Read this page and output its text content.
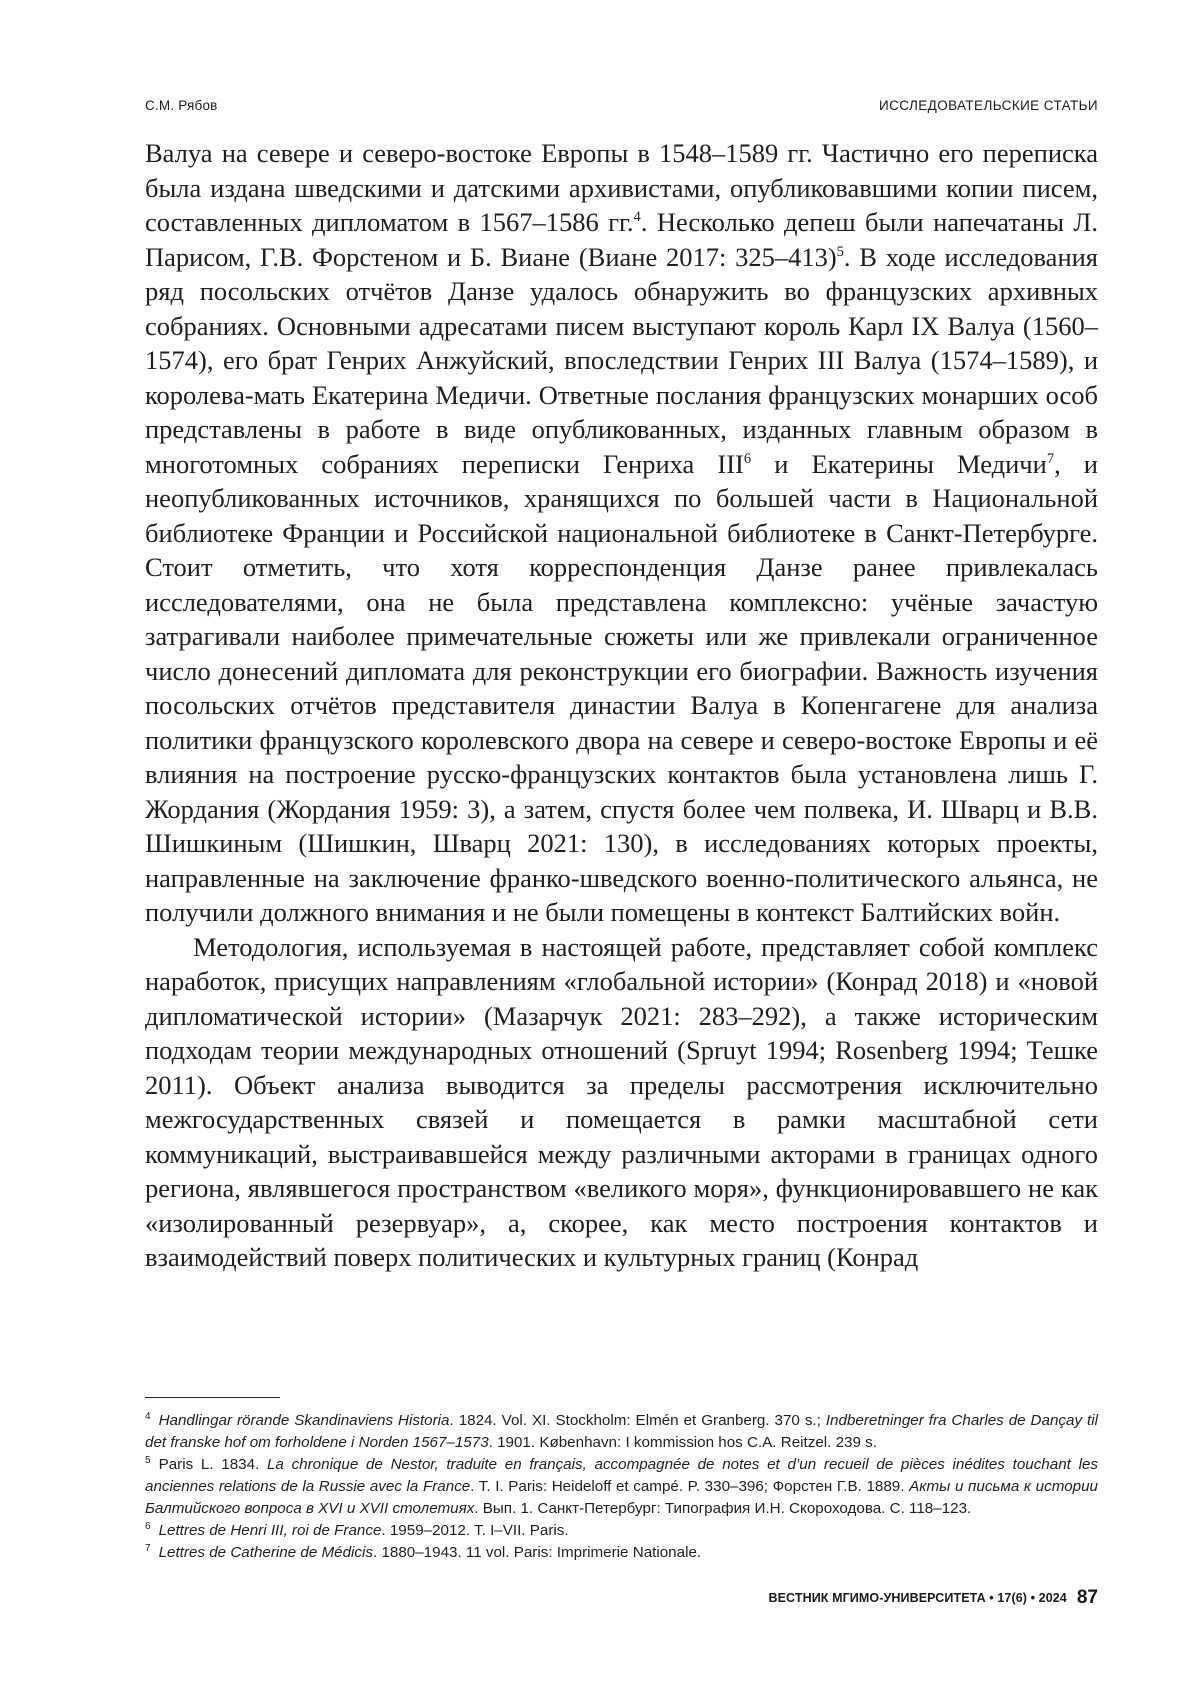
С.М. Рябов	ИССЛЕДОВАТЕЛЬСКИЕ СТАТЬИ

Валуа на севере и северо-востоке Европы в 1548–1589 гг. Частично его переписка была издана шведскими и датскими архивистами, опубликовавшими копии писем, составленных дипломатом в 1567–1586 гг.$^4$. Несколько депеш были напечатаны Л. Парисом, Г.В. Форстеном и Б. Виане (Виане 2017: 325–413)$^5$. В ходе исследования ряд посольских отчётов Данзе удалось обнаружить во французских архивных собраниях. Основными адресатами писем выступают король Карл IX Валуа (1560–1574), его брат Генрих Анжуйский, впоследствии Генрих III Валуа (1574–1589), и королева-мать Екатерина Медичи. Ответные послания французских монарших особ представлены в работе в виде опубликованных, изданных главным образом в многотомных собраниях переписки Генриха III$^6$ и Екатерины Медичи$^7$, и неопубликованных источников, хранящихся по большей части в Национальной библиотеке Франции и Российской национальной библиотеке в Санкт-Петербурге. Стоит отметить, что хотя корреспонденция Данзе ранее привлекалась исследователями, она не была представлена комплексно: учёные зачастую затрагивали наиболее примечательные сюжеты или же привлекали ограниченное число донесений дипломата для реконструкции его биографии. Важность изучения посольских отчётов представителя династии Валуа в Копенгагене для анализа политики французского королевского двора на севере и северо-востоке Европы и её влияния на построение русско-французских контактов была установлена лишь Г. Жордания (Жордания 1959: 3), а затем, спустя более чем полвека, И. Шварц и В.В. Шишкиным (Шишкин, Шварц 2021: 130), в исследованиях которых проекты, направленные на заключение франко-шведского военно-политического альянса, не получили должного внимания и не были помещены в контекст Балтийских войн.

Методология, используемая в настоящей работе, представляет собой комплекс наработок, присущих направлениям «глобальной истории» (Конрад 2018) и «новой дипломатической истории» (Мазарчук 2021: 283–292), а также историческим подходам теории международных отношений (Spruyt 1994; Rosenberg 1994; Тешке 2011). Объект анализа выводится за пределы рассмотрения исключительно межгосударственных связей и помещается в рамки масштабной сети коммуникаций, выстраивавшейся между различными акторами в границах одного региона, являвшегося пространством «великого моря», функционировавшего не как «изолированный резервуар», а, скорее, как место построения контактов и взаимодействий поверх политических и культурных границ (Конрад

$^4$ Handlingar rörande Skandinaviens Historia. 1824. Vol. XI. Stockholm: Elmén et Granberg. 370 s.; Indberetninger fra Charles de Dançay til det franske hof om forholdene i Norden 1567–1573. 1901. København: I kommission hos C.A. Reitzel. 239 s.

$^5$ Paris L. 1834. La chronique de Nestor, traduite en français, accompagnée de notes et d’un recueil de pièces inédites touchant les anciennes relations de la Russie avec la France. T. I. Paris: Heideloff et campé. P. 330–396; Форстен Г.В. 1889. Акты и письма к истории Балтийского вопроса в XVI и XVII столетиях. Вып. 1. Санкт-Петербург: Типография И.Н. Скороходова. С. 118–123.

$^6$ Lettres de Henri III, roi de France. 1959–2012. T. I–VII. Paris.

$^7$ Lettres de Catherine de Médicis. 1880–1943. 11 vol. Paris: Imprimerie Nationale.

ВЕСТНИК МГИМО-УНИВЕРСИТЕТА • 17(6) • 2024 87
